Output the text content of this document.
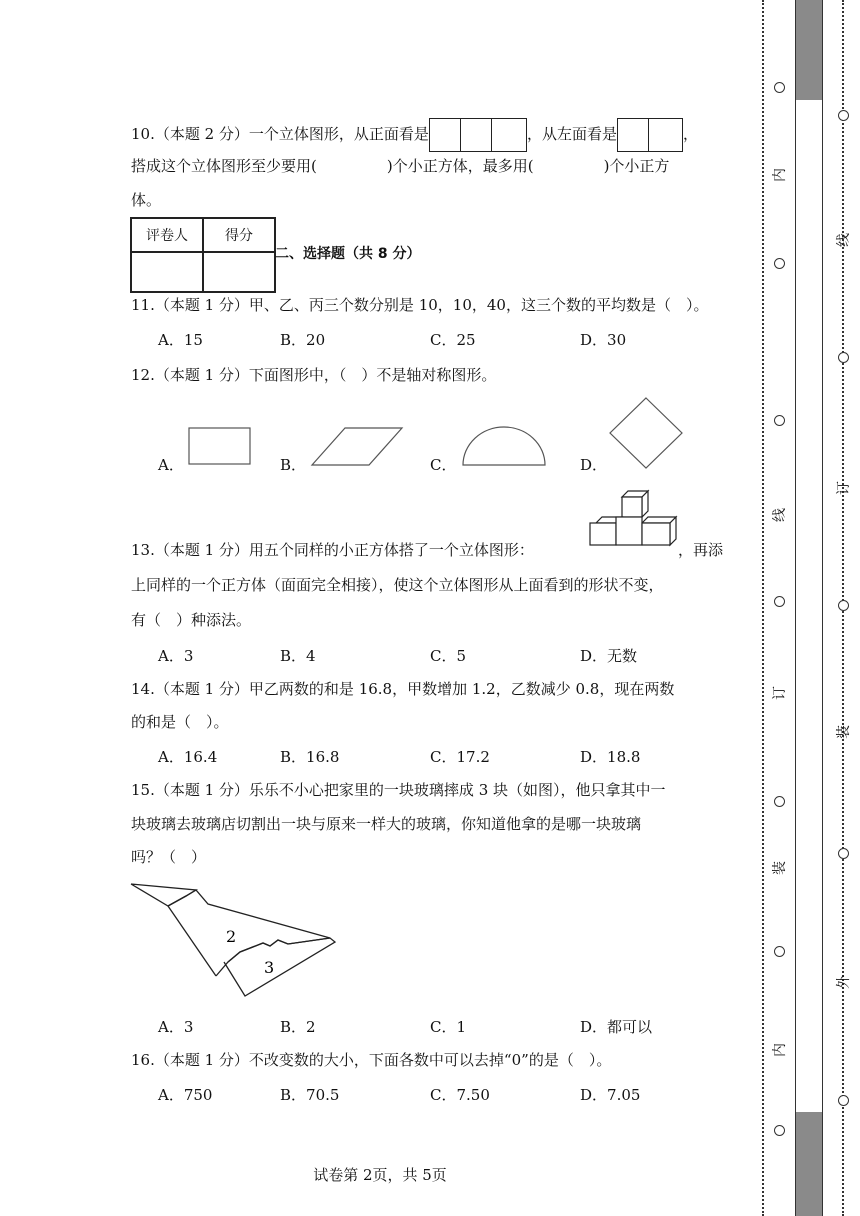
10.（本题 2 分）一个立体图形，从正面看是	，从左面看是	，
搭成这个立体图形至少要用(	)个小正方体，最多用(	)个小正方
体。
评卷人	得分

二、选择题（共 8 分）
11.（本题 1 分）甲、乙、丙三个数分别是 10，10，40，这三个数的平均数是（　）。
A．15	B．20	C．25	D．30
12.（本题 1 分）下面图形中，（　）不是轴对称图形。
A．	B．	C．	D．
13.（本题 1 分）用五个同样的小正方体搭了一个立体图形：	，再添
上同样的一个正方体（面面完全相接），使这个立体图形从上面看到的形状不变，
有（　）种添法。
A．3	B．4	C．5	D．无数
14.（本题 1 分）甲乙两数的和是 16.8，甲数增加 1.2，乙数减少 0.8，现在两数
的和是（　）。
A．16.4	B．16.8	C．17.2	D．18.8
15.（本题 1 分）乐乐不小心把家里的一块玻璃摔成 3 块（如图），他只拿其中一
块玻璃去玻璃店切割出一块与原来一样大的玻璃，你知道他拿的是哪一块玻璃
吗？（　）
2
3
A．3	B．2	C．1	D．都可以
16.（本题 1 分）不改变数的大小，下面各数中可以去掉“0”的是（　）。
A．750	B．70.5	C．7.50	D．7.05
试卷第 2页，共 5页
内
线
订
装
内
线
订
装
外
